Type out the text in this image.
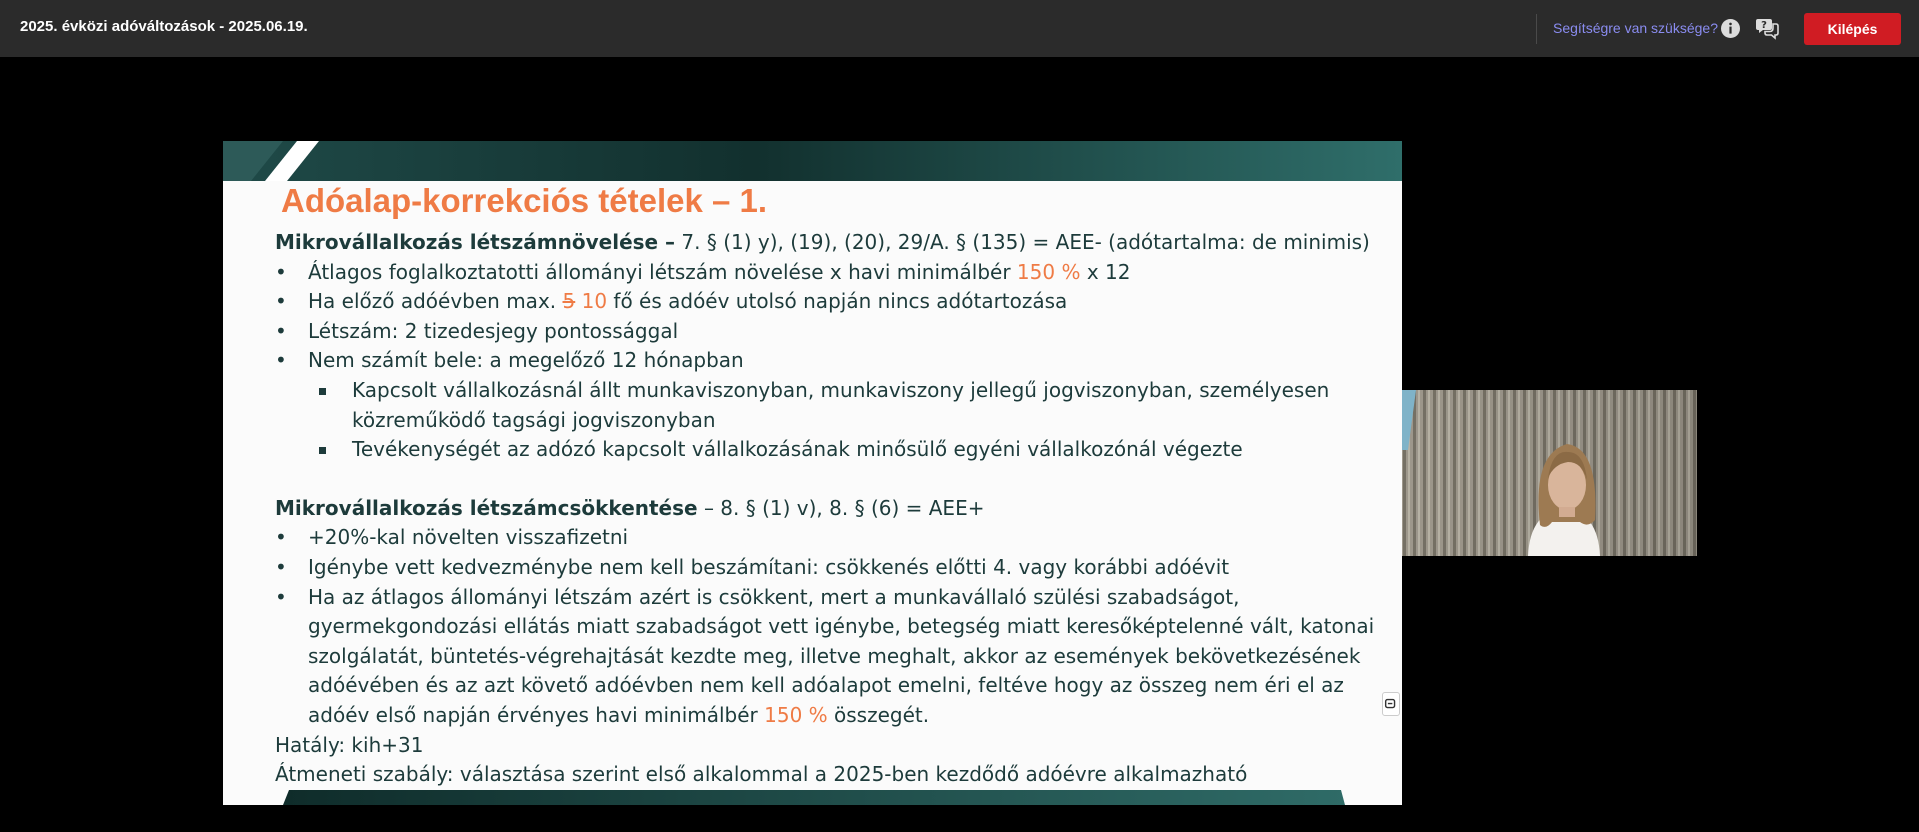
2025. évközi adóváltozások - 2025.06.19.	Segítségre van szüksége?	?	Kilépés
Adóalap-korrekciós tételek – 1.
Mikrovállalkozás létszámnövelése – 7. § (1) y), (19), (20), 29/A. § (135) = AEE- (adótartalma: de minimis)
• Átlagos foglalkoztatotti állományi létszám növelése x havi minimálbér 150 % x 12
• Ha előző adóévben max. 5 10 fő és adóév utolsó napján nincs adótartozása
• Létszám: 2 tizedesjegy pontossággal
• Nem számít bele: a megelőző 12 hónapban
Kapcsolt vállalkozásnál állt munkaviszonyban, munkaviszony jellegű jogviszonyban, személyesen
közreműködő tagsági jogviszonyban
Tevékenységét az adózó kapcsolt vállalkozásának minősülő egyéni vállalkozónál végezte
Mikrovállalkozás létszámcsökkentése – 8. § (1) v), 8. § (6) = AEE+
• +20%-kal növelten visszafizetni
• Igénybe vett kedvezménybe nem kell beszámítani: csökkenés előtti 4. vagy korábbi adóévit
• Ha az átlagos állományi létszám azért is csökkent, mert a munkavállaló szülési szabadságot,
gyermekgondozási ellátás miatt szabadságot vett igénybe, betegség miatt keresőképtelenné vált, katonai
szolgálatát, büntetés-végrehajtását kezdte meg, illetve meghalt, akkor az események bekövetkezésének
adóévében és az azt követő adóévben nem kell adóalapot emelni, feltéve hogy az összeg nem éri el az
adóév első napján érvényes havi minimálbér 150 % összegét.
Hatály: kih+31
Átmeneti szabály: választása szerint első alkalommal a 2025-ben kezdődő adóévre alkalmazható
